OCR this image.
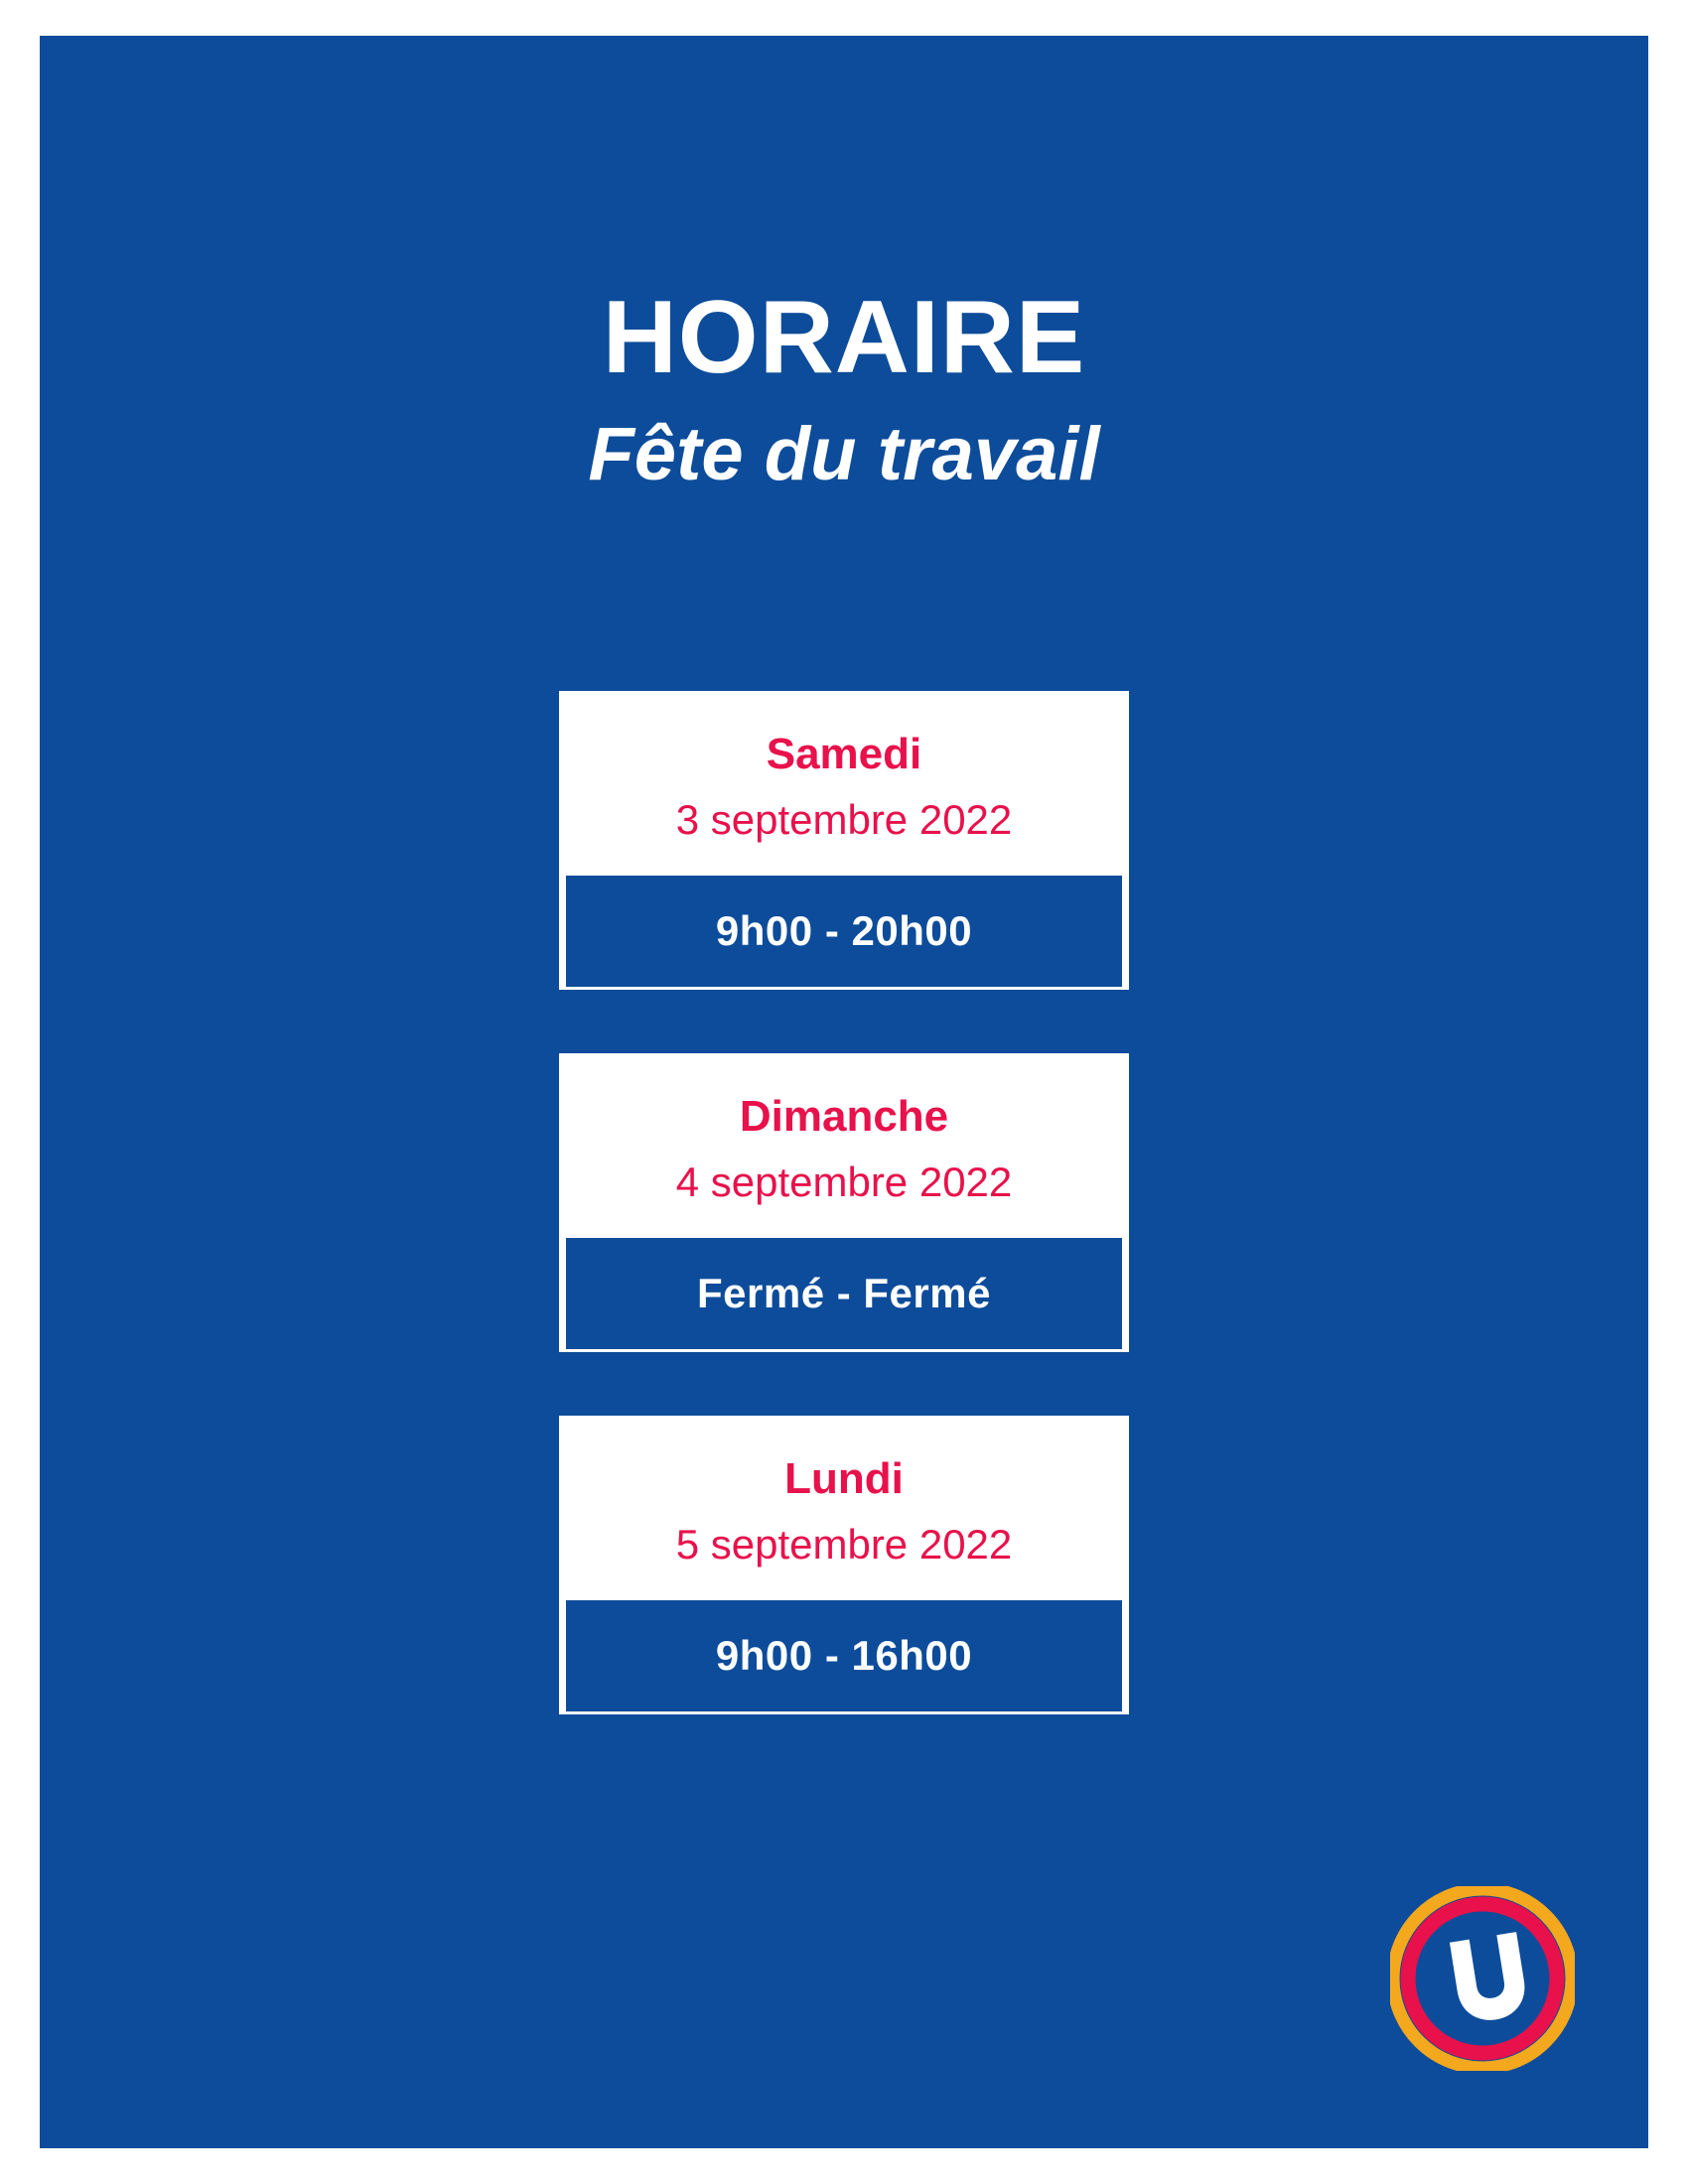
HORAIRE
Fête du travail
Samedi
3 septembre 2022
9h00 - 20h00
Dimanche
4 septembre 2022
Fermé - Fermé
Lundi
5 septembre 2022
9h00 - 16h00
